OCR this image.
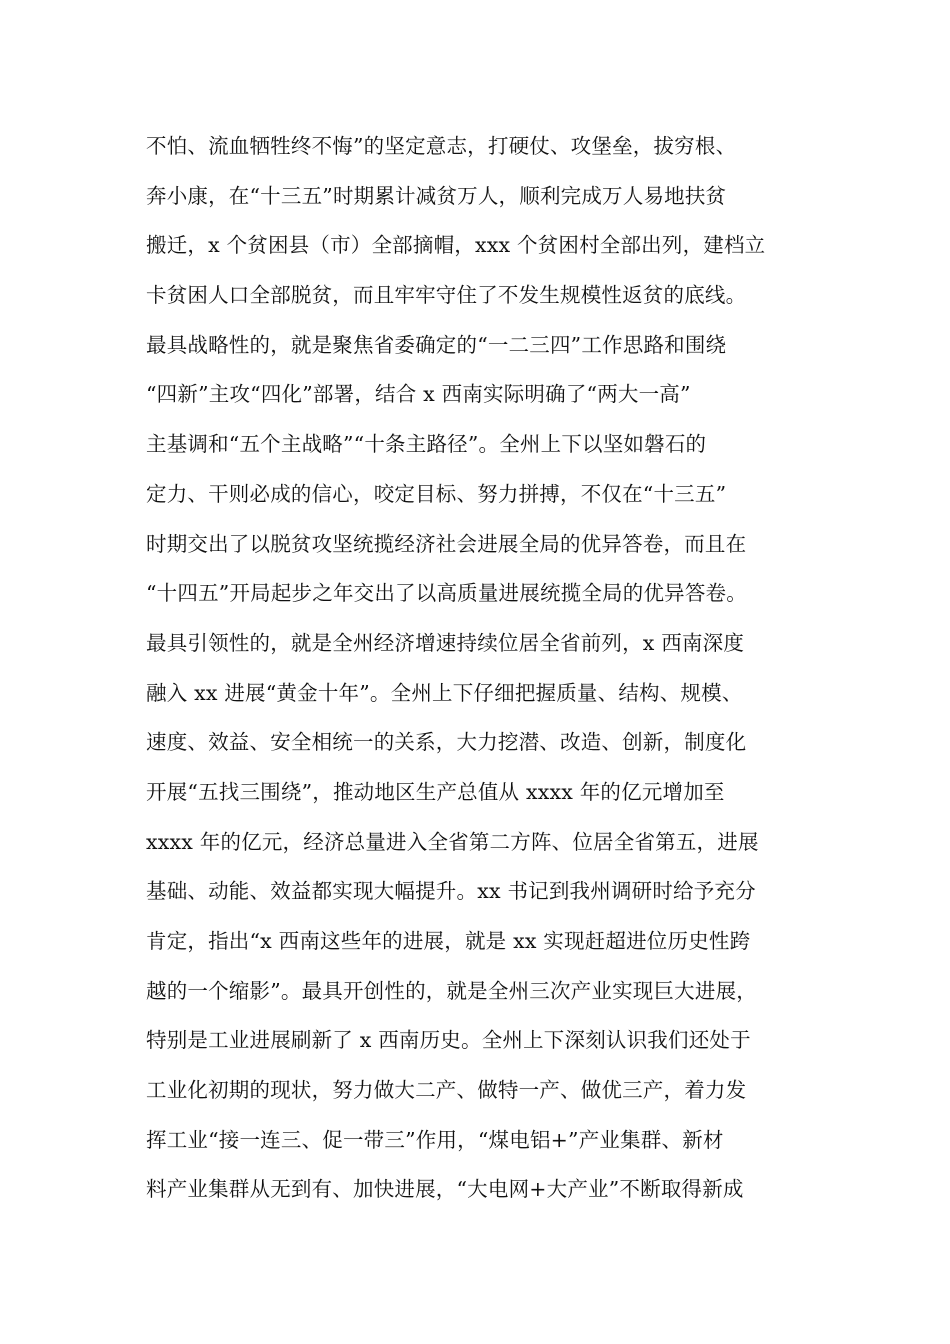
不怕、流血牺牲终不悔”的坚定意志，打硬仗、攻堡垒，拔穷根、
奔小康，在“十三五”时期累计减贫万人，顺利完成万人易地扶贫
搬迁，x 个贫困县（市）全部摘帽，xxx 个贫困村全部出列，建档立
卡贫困人口全部脱贫，而且牢牢守住了不发生规模性返贫的底线。
最具战略性的，就是聚焦省委确定的“一二三四”工作思路和围绕
“四新”主攻“四化”部署，结合 x 西南实际明确了“两大一高”
主基调和“五个主战略”“十条主路径”。全州上下以坚如磐石的
定力、干则必成的信心，咬定目标、努力拼搏，不仅在“十三五”
时期交出了以脱贫攻坚统揽经济社会进展全局的优异答卷，而且在
“十四五”开局起步之年交出了以高质量进展统揽全局的优异答卷。
最具引领性的，就是全州经济增速持续位居全省前列，x 西南深度
融入 xx 进展“黄金十年”。全州上下仔细把握质量、结构、规模、
速度、效益、安全相统一的关系，大力挖潜、改造、创新，制度化
开展“五找三围绕”，推动地区生产总值从 xxxx 年的亿元增加至
xxxx 年的亿元，经济总量进入全省第二方阵、位居全省第五，进展
基础、动能、效益都实现大幅提升。xx 书记到我州调研时给予充分
肯定，指出“x 西南这些年的进展，就是 xx 实现赶超进位历史性跨
越的一个缩影”。最具开创性的，就是全州三次产业实现巨大进展，
特别是工业进展刷新了 x 西南历史。全州上下深刻认识我们还处于
工业化初期的现状，努力做大二产、做特一产、做优三产，着力发
挥工业“接一连三、促一带三”作用，“煤电铝+”产业集群、新材
料产业集群从无到有、加快进展，“大电网+大产业”不断取得新成
